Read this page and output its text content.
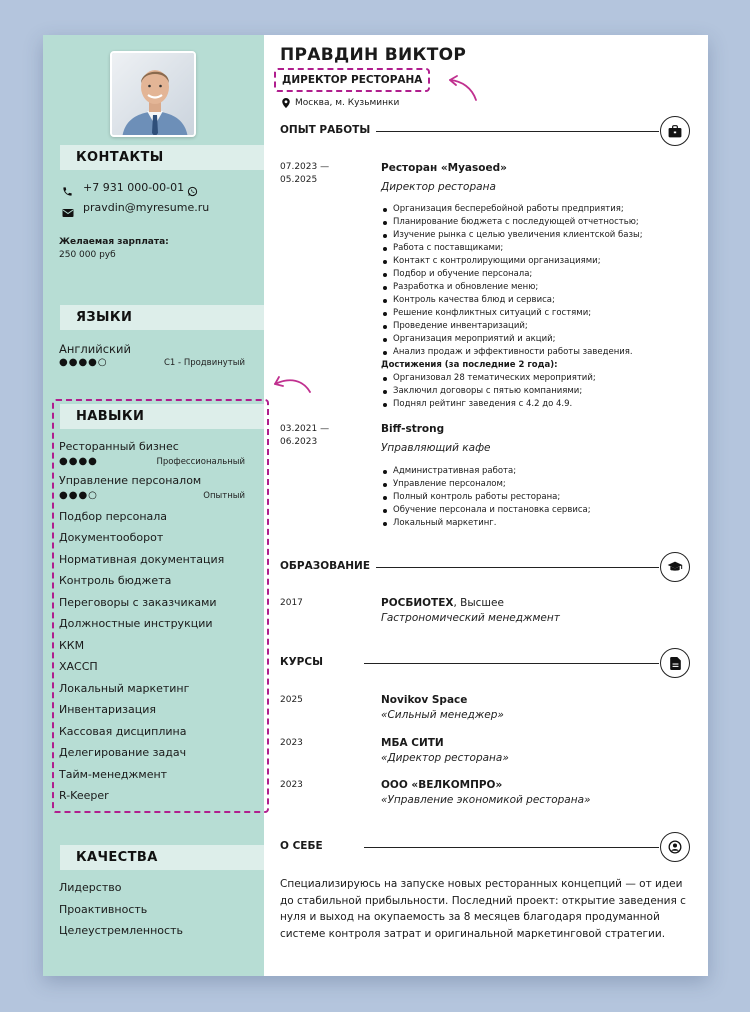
КОНТАКТЫ
+7 931 000-00-01
pravdin@myresume.ru
Желаемая зарплата:
250 000 руб
ЯЗЫКИ
Английский
●●●●○	C1 - Продвинутый
НАВЫКИ
Ресторанный бизнес
●●●●	Профессиональный
Управление персоналом
●●●○	Опытный
Подбор персонала
Документооборот
Нормативная документация
Контроль бюджета
Переговоры с заказчиками
Должностные инструкции
ККМ
ХАССП
Локальный маркетинг
Инвентаризация
Кассовая дисциплина
Делегирование задач
Тайм-менеджмент
R-Keeper
КАЧЕСТВА
Лидерство
Проактивность
Целеустремленность
ПРАВДИН ВИКТОР
ДИРЕКТОР РЕСТОРАНА
Москва, м. Кузьминки
ОПЫТ РАБОТЫ
07.2023 —
05.2025
Ресторан «Myasoed»
Директор ресторана
Организация бесперебойной работы предприятия;
Планирование бюджета с последующей отчетностью;
Изучение рынка с целью увеличения клиентской базы;
Работа с поставщиками;
Контакт с контролирующими организациями;
Подбор и обучение персонала;
Разработка и обновление меню;
Контроль качества блюд и сервиса;
Решение конфликтных ситуаций с гостями;
Проведение инвентаризаций;
Организация мероприятий и акций;
Анализ продаж и эффективности работы заведения.
Достижения (за последние 2 года):
Организовал 28 тематических мероприятий;
Заключил договоры с пятью компаниями;
Поднял рейтинг заведения с 4.2 до 4.9.
03.2021 —
06.2023
Biff-strong
Управляющий кафе
Административная работа;
Управление персоналом;
Полный контроль работы ресторана;
Обучение персонала и постановка сервиса;
Локальный маркетинг.
ОБРАЗОВАНИЕ
2017	РОСБИОТЕХ, Высшее
Гастрономический менеджмент
КУРСЫ
2025	Novikov Space
«Сильный менеджер»
2023	МБА СИТИ
«Директор ресторана»
2023	ООО «ВЕЛКОМПРО»
«Управление экономикой ресторана»
О СЕБЕ
Специализируюсь на запуске новых ресторанных концепций — от идеи до стабильной прибыльности. Последний проект: открытие заведения с нуля и выход на окупаемость за 8 месяцев благодаря продуманной системе контроля затрат и оригинальной маркетинговой стратегии.
